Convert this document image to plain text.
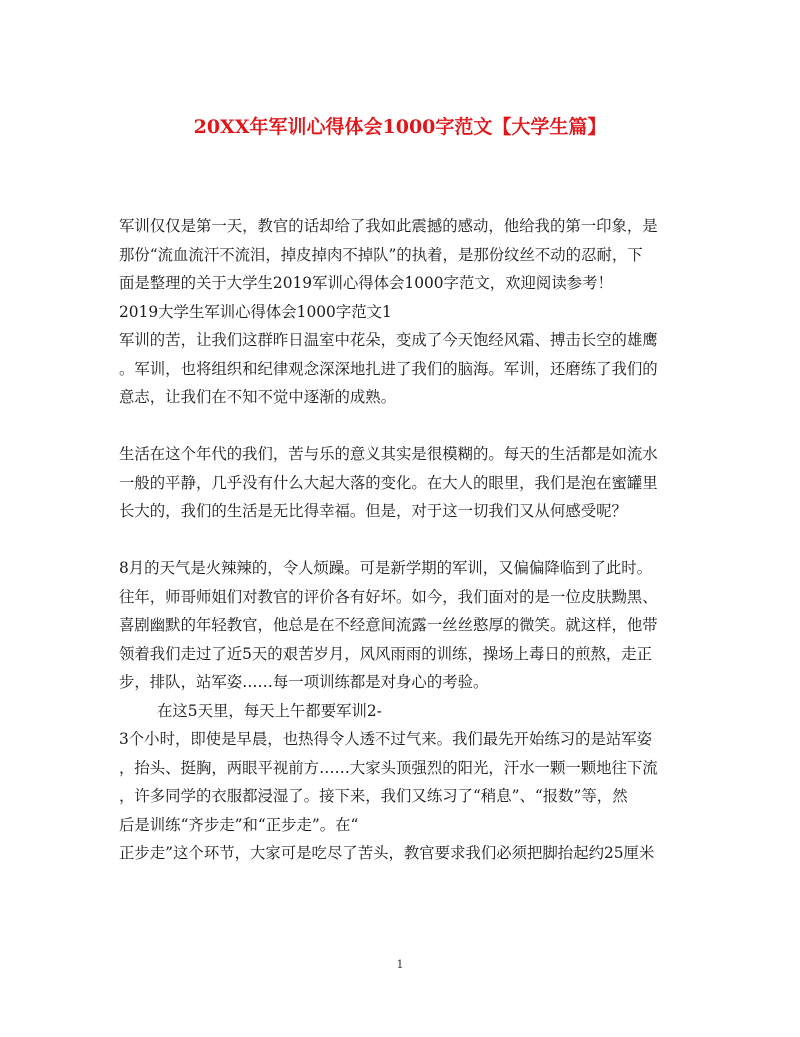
20XX年军训心得体会1000字范文【大学生篇】
军训仅仅是第一天，教官的话却给了我如此震撼的感动，他给我的第一印象，是
那份“流血流汗不流泪，掉皮掉肉不掉队”的执着，是那份纹丝不动的忍耐，下
面是整理的关于大学生2019军训心得体会1000字范文，欢迎阅读参考！
2019大学生军训心得体会1000字范文1
军训的苦，让我们这群昨日温室中花朵，变成了今天饱经风霜、搏击长空的雄鹰
。军训，也将组织和纪律观念深深地扎进了我们的脑海。军训，还磨练了我们的
意志，让我们在不知不觉中逐渐的成熟。
生活在这个年代的我们，苦与乐的意义其实是很模糊的。每天的生活都是如流水
一般的平静，几乎没有什么大起大落的变化。在大人的眼里，我们是泡在蜜罐里
长大的，我们的生活是无比得幸福。但是，对于这一切我们又从何感受呢？
8月的天气是火辣辣的，令人烦躁。可是新学期的军训，又偏偏降临到了此时。
往年，师哥师姐们对教官的评价各有好坏。如今，我们面对的是一位皮肤黝黑、
喜剧幽默的年轻教官，他总是在不经意间流露一丝丝憨厚的微笑。就这样，他带
领着我们走过了近5天的艰苦岁月，风风雨雨的训练，操场上毒日的煎熬，走正
步，排队，站军姿……每一项训练都是对身心的考验。
在这5天里，每天上午都要军训2-
3个小时，即使是早晨，也热得令人透不过气来。我们最先开始练习的是站军姿
，抬头、挺胸，两眼平视前方……大家头顶强烈的阳光，汗水一颗一颗地往下流
，许多同学的衣服都浸湿了。接下来，我们又练习了“稍息”、“报数”等，然
后是训练“齐步走”和“正步走”。在“
正步走”这个环节，大家可是吃尽了苦头，教官要求我们必须把脚抬起约25厘米
1
